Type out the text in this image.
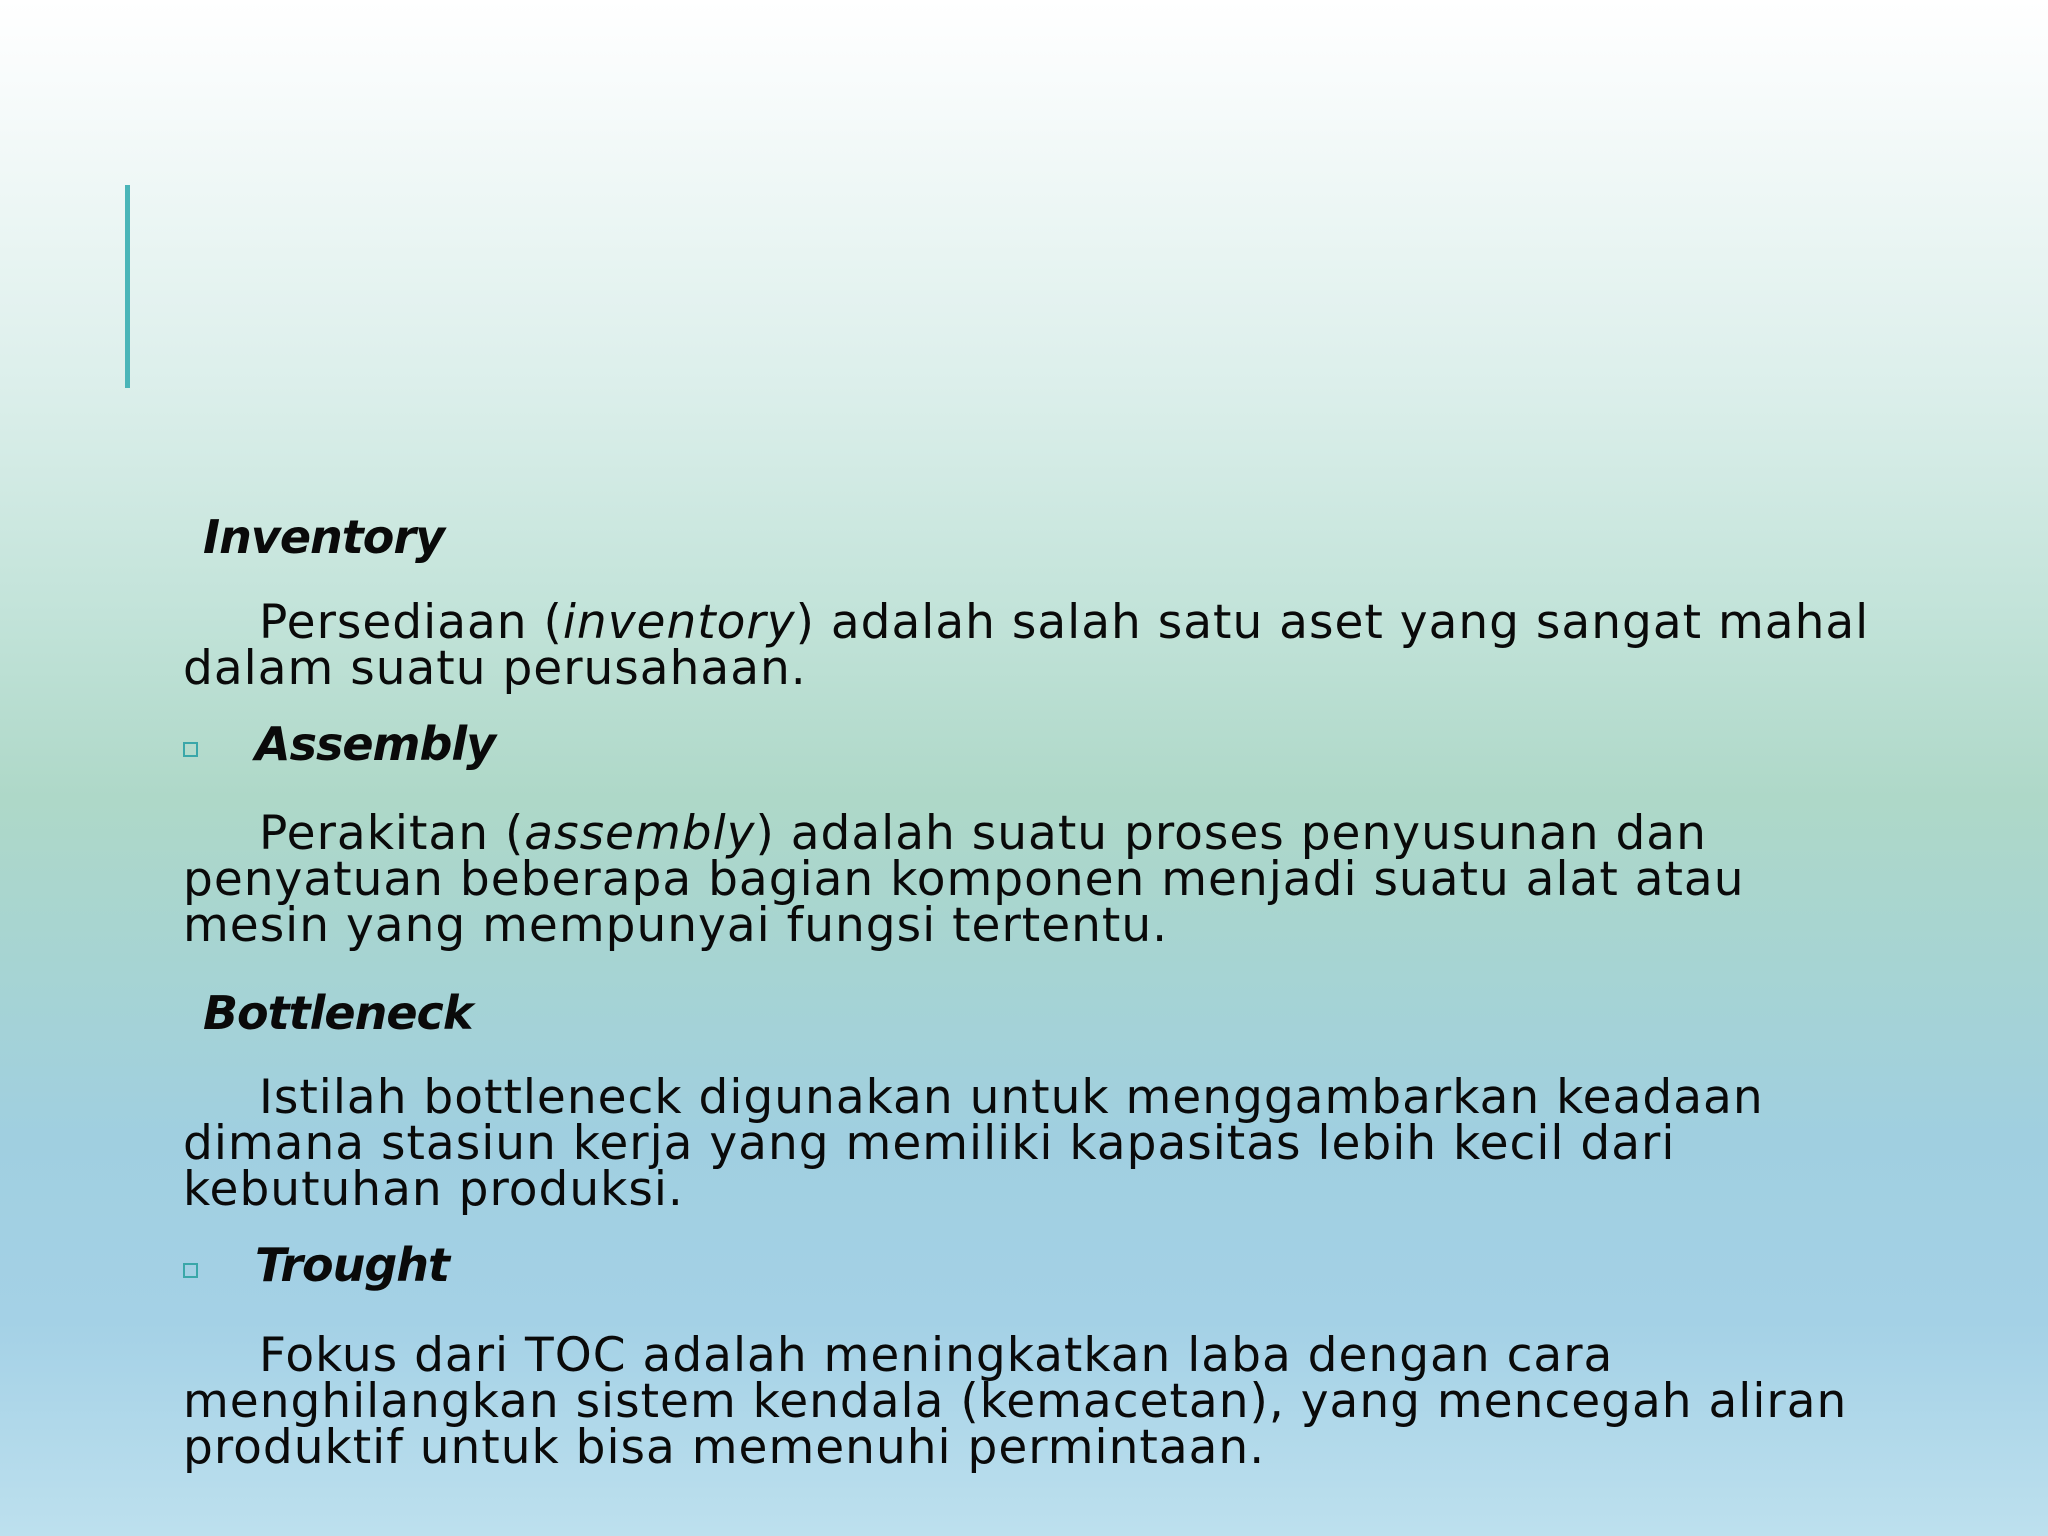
Inventory
Persediaan (inventory) adalah salah satu aset yang sangat mahal dalam suatu perusahaan.
Assembly
Perakitan (assembly) adalah suatu proses penyusunan dan penyatuan beberapa bagian komponen menjadi suatu alat atau mesin yang mempunyai fungsi tertentu.
Bottleneck
Istilah bottleneck digunakan untuk menggambarkan keadaan dimana stasiun kerja yang memiliki kapasitas lebih kecil dari kebutuhan produksi.
Trought
Fokus dari TOC adalah meningkatkan laba dengan cara menghilangkan sistem kendala (kemacetan), yang mencegah aliran produktif untuk bisa memenuhi permintaan.
